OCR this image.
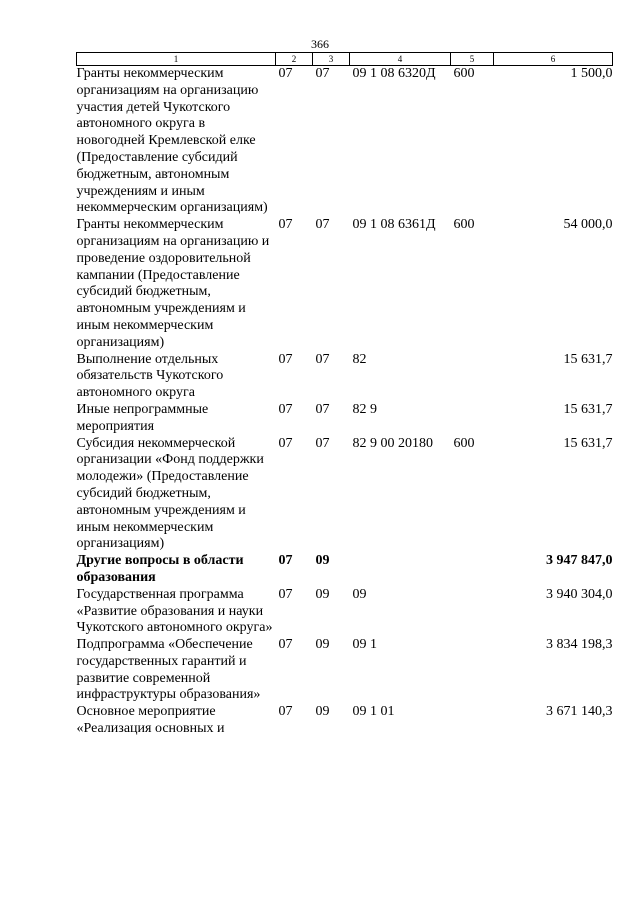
366
1	2	3	4	5	6
Гранты некоммерческим организациям на организацию участия детей Чукотского автономного округа в новогодней Кремлевской елке (Предоставление субсидий бюджетным, автономным учреждениям и иным некоммерческим организациям)	07	07	09 1 08 6320Д	600	1 500,0
Гранты некоммерческим организациям на организацию и проведение оздоровительной кампании (Предоставление субсидий бюджетным, автономным учреждениям и иным некоммерческим организациям)	07	07	09 1 08 6361Д	600	54 000,0
Выполнение отдельных обязательств Чукотского автономного округа	07	07	82		15 631,7
Иные непрограммные мероприятия	07	07	82 9		15 631,7
Субсидия некоммерческой организации «Фонд поддержки молодежи» (Предоставление субсидий бюджетным, автономным учреждениям и иным некоммерческим организациям)	07	07	82 9 00 20180	600	15 631,7
Другие вопросы в области образования	07	09			3 947 847,0
Государственная программа «Развитие образования и науки Чукотского автономного округа»	07	09	09		3 940 304,0
Подпрограмма «Обеспечение государственных гарантий и развитие современной инфраструктуры образования»	07	09	09 1		3 834 198,3
Основное мероприятие «Реализация основных и	07	09	09 1 01		3 671 140,3
